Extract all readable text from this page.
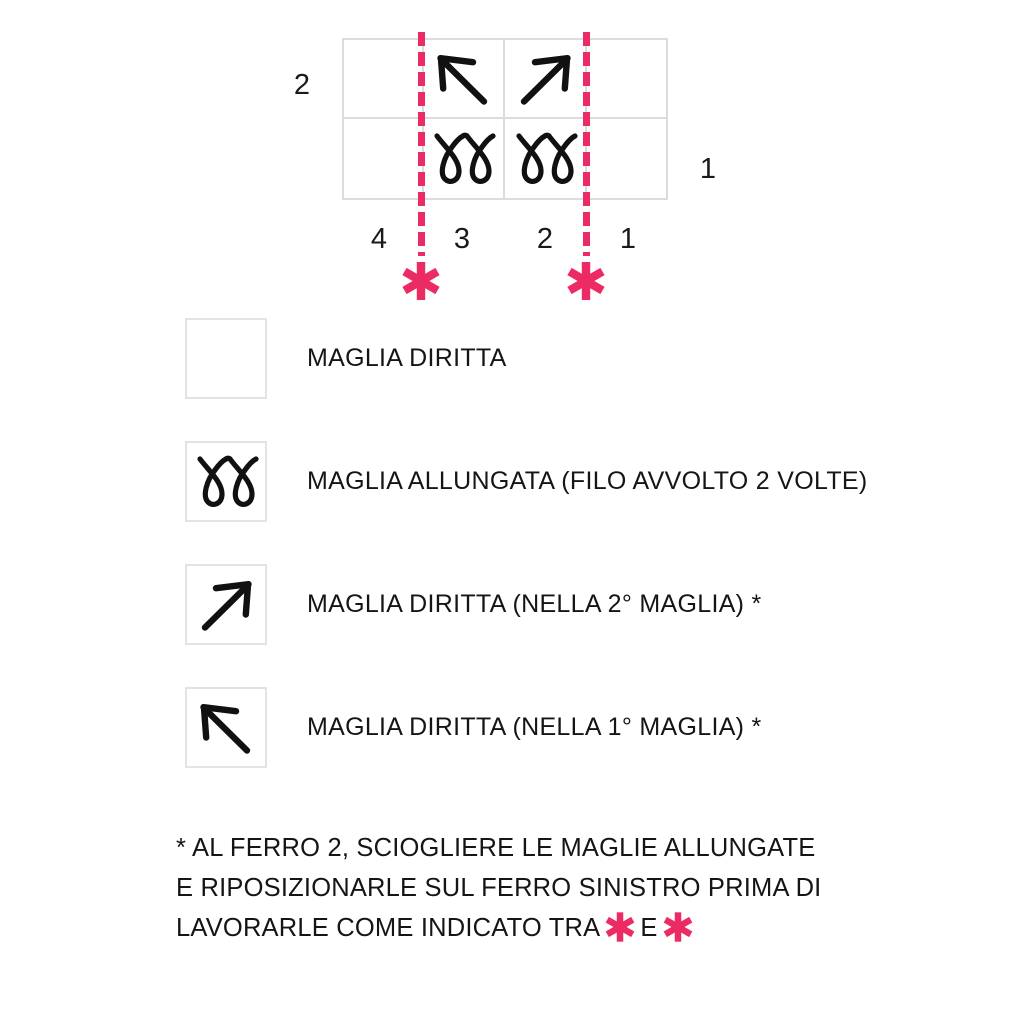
2
1
4	3	2	1
MAGLIA DIRITTA
MAGLIA ALLUNGATA (FILO AVVOLTO 2 VOLTE)
MAGLIA DIRITTA (NELLA 2° MAGLIA) *
MAGLIA DIRITTA (NELLA 1° MAGLIA) *
* AL FERRO 2, SCIOGLIERE LE MAGLIE ALLUNGATE
E RIPOSIZIONARLE SUL FERRO SINISTRO PRIMA DI
LAVORARLE COME INDICATO TRA E
